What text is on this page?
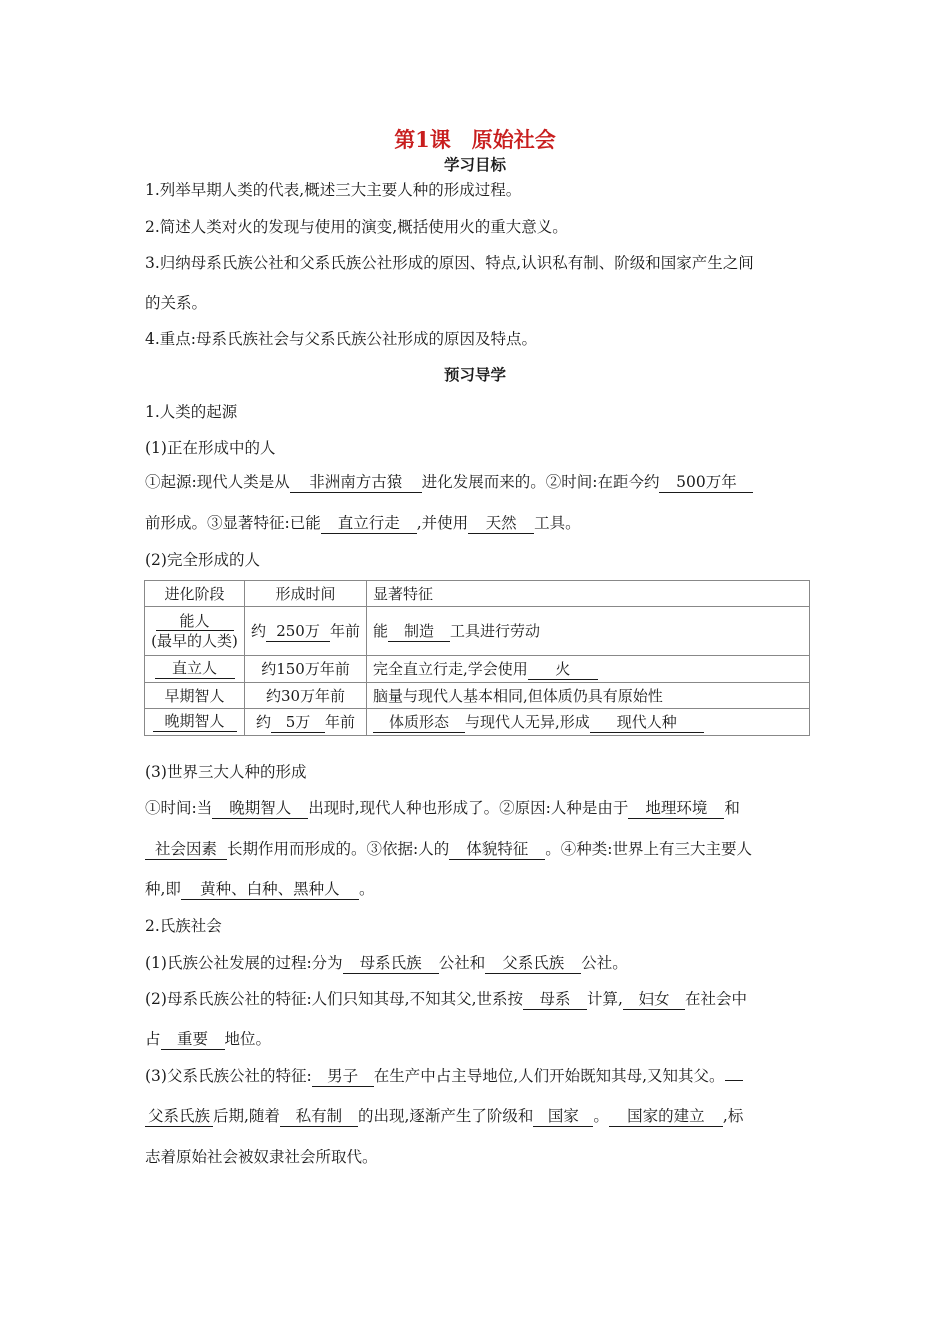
第1课　原始社会
学习目标
1.列举早期人类的代表,概述三大主要人种的形成过程。
2.简述人类对火的发现与使用的演变,概括使用火的重大意义。
3.归纳母系氏族公社和父系氏族公社形成的原因、特点,认识私有制、阶级和国家产生之间
的关系。
4.重点:母系氏族社会与父系氏族公社形成的原因及特点。
预习导学
1.人类的起源
(1)正在形成中的人
①起源:现代人类是从 非洲南方古猿 进化发展而来的。②时间:在距今约 500万年
前形成。③显著特征:已能 直立行走 ,并使用 天然 工具。
(2)完全形成的人
进化阶段	形成时间	显著特征
能人
(最早的人类)	约 250万 年前	能 制造 工具进行劳动
直立人	约150万年前	完全直立行走,学会使用 火
早期智人	约30万年前	脑量与现代人基本相同,但体质仍具有原始性
晚期智人	约 5万 年前	体质形态 与现代人无异,形成 现代人种
(3)世界三大人种的形成
①时间:当 晚期智人 出现时,现代人种也形成了。②原因:人种是由于 地理环境 和
社会因素 长期作用而形成的。③依据:人的 体貌特征 。④种类:世界上有三大主要人
种,即 黄种、白种、黑种人 。
2.氏族社会
(1)氏族公社发展的过程:分为 母系氏族 公社和 父系氏族 公社。
(2)母系氏族公社的特征:人们只知其母,不知其父,世系按 母系 计算, 妇女 在社会中
占 重要 地位。
(3)父系氏族公社的特征: 男子 在生产中占主导地位,人们开始既知其母,又知其父。
父系氏族 后期,随着 私有制 的出现,逐渐产生了阶级和 国家 。 国家的建立 ,标
志着原始社会被奴隶社会所取代。
